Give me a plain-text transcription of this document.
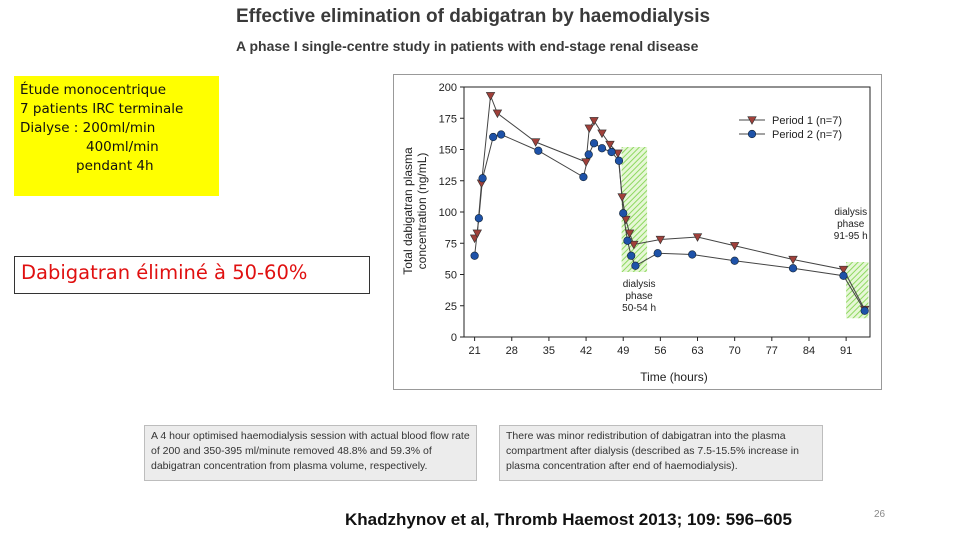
Effective elimination of dabigatran by haemodialysis
A phase I single-centre study in patients with end-stage renal disease
Étude monocentrique
7 patients IRC terminale
Dialyse : 200ml/min
400ml/min
pendant 4h
Dabigatran éliminé à 50-60%
21 28 35 42 49 56 63 70 77 84 91
0
25
50
75
100
125
150
175
200
Time (hours)
Total dabigatran plasma concentration (ng/mL)
Period 1 (n=7)
Period 2 (n=7)
dialysis
phase
50-54 h
dialysis
phase
91-95 h
A 4 hour optimised haemodialysis session with actual blood flow rate of 200 and 350-395 ml/minute removed 48.8% and 59.3% of dabigatran concentration from plasma volume, respectively.
There was minor redistribution of dabigatran into the plasma compartment after dialysis (described as 7.5-15.5% increase in plasma concentration after end of haemodialysis).
Khadzhynov et al, Thromb Haemost 2013; 109: 596–605	26
